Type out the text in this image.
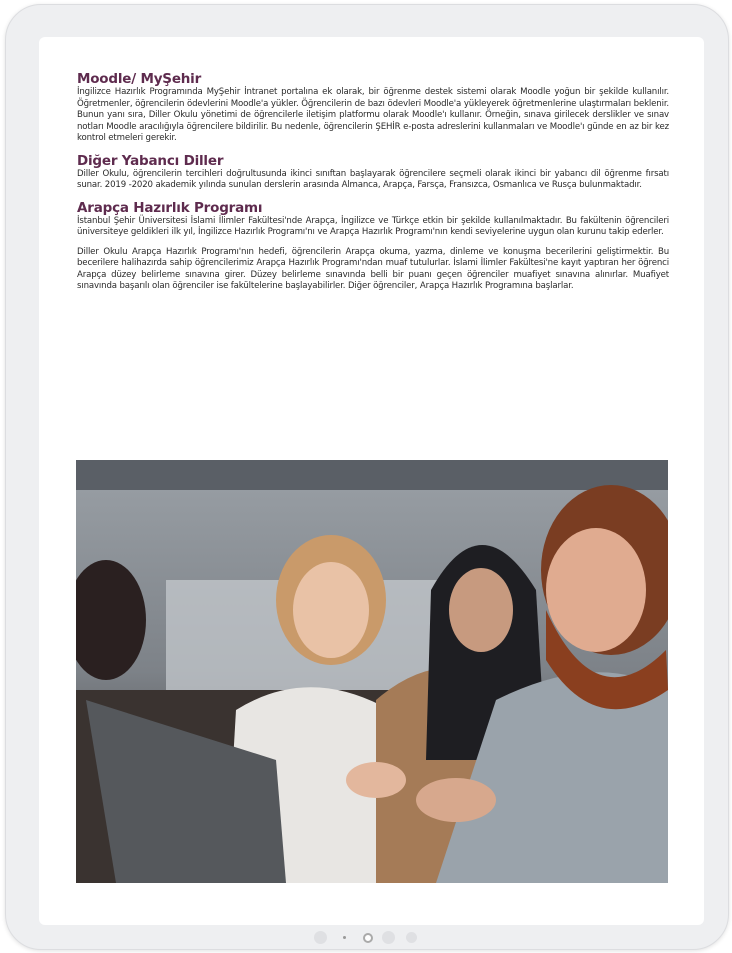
Moodle/ MyŞehir

İngilizce Hazırlık Programında MyŞehir İntranet portalına ek olarak, bir öğrenme destek sistemi olarak Moodle yoğun bir şekilde kullanılır. Öğretmenler, öğrencilerin ödevlerini Moodle'a yükler. Öğrencilerin de bazı ödevleri Moodle'a yükleyerek öğretmenlerine ulaştırmaları beklenir. Bunun yanı sıra, Diller Okulu yönetimi de öğrencilerle iletişim platformu olarak Moodle'ı kullanır. Örneğin, sınava girilecek derslikler ve sınav notları Moodle aracılığıyla öğrencilere bildirilir. Bu nedenle, öğrencilerin ŞEHİR e-posta adreslerini kullanmaları ve Moodle'ı günde en az bir kez kontrol etmeleri gerekir.

Diğer Yabancı Diller

Diller Okulu, öğrencilerin tercihleri doğrultusunda ikinci sınıftan başlayarak öğrencilere seçmeli olarak ikinci bir yabancı dil öğrenme fırsatı sunar. 2019 -2020 akademik yılında sunulan derslerin arasında Almanca, Arapça, Farsça, Fransızca, Osmanlıca ve Rusça bulunmaktadır.

Arapça Hazırlık Programı

İstanbul Şehir Üniversitesi İslami İlimler Fakültesi'nde Arapça, İngilizce ve Türkçe etkin bir şekilde kullanılmaktadır. Bu fakültenin öğrencileri üniversiteye geldikleri ilk yıl, İngilizce Hazırlık Programı'nı ve Arapça Hazırlık Programı'nın kendi seviyelerine uygun olan kurunu takip ederler.

Diller Okulu Arapça Hazırlık Programı'nın hedefi, öğrencilerin Arapça okuma, yazma, dinleme ve konuşma becerilerini geliştirmektir. Bu becerilere halihazırda sahip öğrencilerimiz Arapça Hazırlık Programı'ndan muaf tutulurlar. İslami İlimler Fakültesi'ne kayıt yaptıran her öğrenci Arapça düzey belirleme sınavına girer. Düzey belirleme sınavında belli bir puanı geçen öğrenciler muafiyet sınavına alınırlar. Muafiyet sınavında başarılı olan öğrenciler ise fakültelerine başlayabilirler. Diğer öğrenciler, Arapça Hazırlık Programına başlarlar.
